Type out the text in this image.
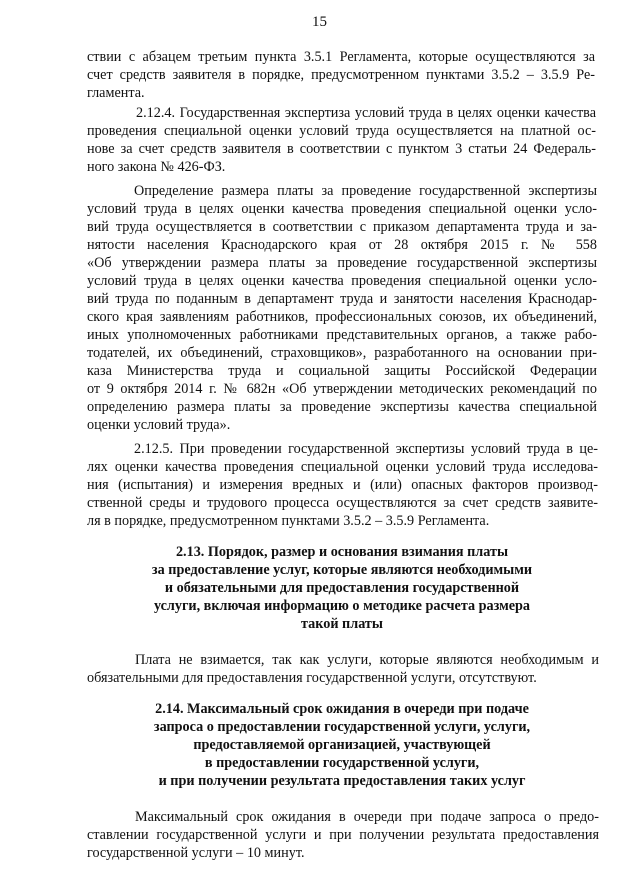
15
ствии с абзацем третьим пункта 3.5.1 Регламента, которые осуществляются за
счет средств заявителя в порядке, предусмотренном пунктами 3.5.2 – 3.5.9 Ре-
гламента.
2.12.4. Государственная экспертиза условий труда в целях оценки качества
проведения специальной оценки условий труда осуществляется на платной ос-
нове за счет средств заявителя в соответствии с пунктом 3 статьи 24 Федераль-
ного закона № 426-ФЗ.
Определение размера платы за проведение государственной экспертизы
условий труда в целях оценки качества проведения специальной оценки усло-
вий труда осуществляется в соответствии с приказом департамента труда и за-
нятости населения Краснодарского края от 28 октября 2015 г. № 558
«Об утверждении размера платы за проведение государственной экспертизы
условий труда в целях оценки качества проведения специальной оценки усло-
вий труда по поданным в департамент труда и занятости населения Краснодар-
ского края заявлениям работников, профессиональных союзов, их объединений,
иных уполномоченных работниками представительных органов, а также рабо-
тодателей, их объединений, страховщиков», разработанного на основании при-
каза Министерства труда и социальной защиты Российской Федерации
от 9 октября 2014 г. № 682н «Об утверждении методических рекомендаций по
определению размера платы за проведение экспертизы качества специальной
оценки условий труда».
2.12.5. При проведении государственной экспертизы условий труда в це-
лях оценки качества проведения специальной оценки условий труда исследова-
ния (испытания) и измерения вредных и (или) опасных факторов производ-
ственной среды и трудового процесса осуществляются за счет средств заявите-
ля в порядке, предусмотренном пунктами 3.5.2 – 3.5.9 Регламента.
2.13. Порядок, размер и основания взимания платы
за предоставление услуг, которые являются необходимыми
и обязательными для предоставления государственной
услуги, включая информацию о методике расчета размера
такой платы
Плата не взимается, так как услуги, которые являются необходимым и
обязательными для предоставления государственной услуги, отсутствуют.
2.14. Максимальный срок ожидания в очереди при подаче
запроса о предоставлении государственной услуги, услуги,
предоставляемой организацией, участвующей
в предоставлении государственной услуги,
и при получении результата предоставления таких услуг
Максимальный срок ожидания в очереди при подаче запроса о предо-
ставлении государственной услуги и при получении результата предоставления
государственной услуги – 10 минут.
